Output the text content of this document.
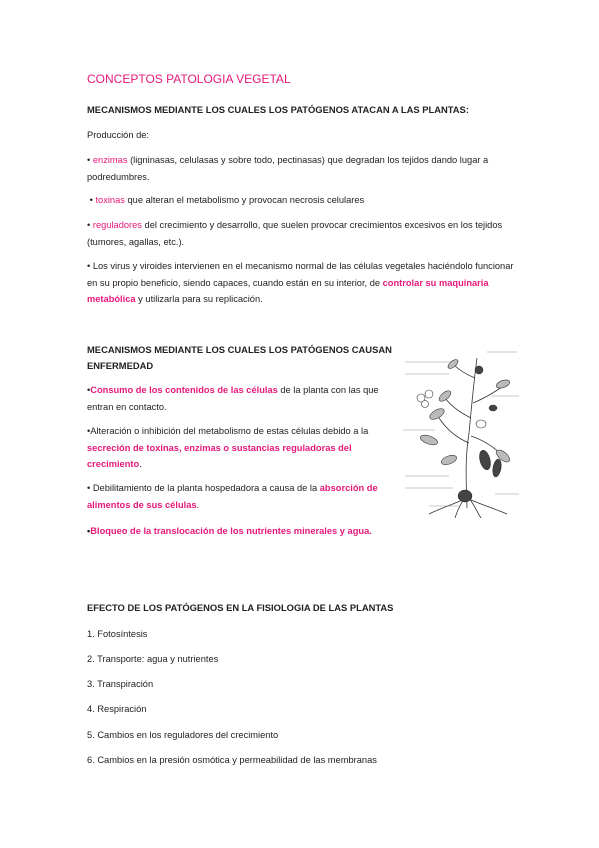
CONCEPTOS PATOLOGIA VEGETAL
MECANISMOS MEDIANTE LOS CUALES LOS PATÓGENOS ATACAN A LAS PLANTAS:
Producción de:
• enzimas (ligninasas, celulasas y sobre todo, pectinasas) que degradan los tejidos dando lugar a podredumbres.
• toxinas que alteran el metabolismo y provocan necrosis celulares
• reguladores del crecimiento y desarrollo, que suelen provocar crecimientos excesivos en los tejidos (tumores, agallas, etc.).
• Los virus y viroides intervienen en el mecanismo normal de las células vegetales haciéndolo funcionar en su propio beneficio, siendo capaces, cuando están en su interior, de controlar su maquinaria metabólica y utilizarla para su replicación.
MECANISMOS MEDIANTE LOS CUALES LOS PATÓGENOS CAUSAN ENFERMEDAD
•Consumo de los contenidos de las células de la planta con las que entran en contacto.
•Alteración o inhibición del metabolismo de estas células debido a la secreción de toxinas, enzimas o sustancias reguladoras del crecimiento.
• Debilitamiento de la planta hospedadora a causa de la absorción de alimentos de sus células.
•Bloqueo de la translocación de los nutrientes minerales y agua.
EFECTO DE LOS PATÓGENOS EN LA FISIOLOGIA DE LAS PLANTAS
1. Fotosíntesis
2. Transporte: agua y nutrientes
3. Transpiración
4. Respiración
5. Cambios en los reguladores del crecimiento
6. Cambios en la presión osmótica y permeabilidad de las membranas
